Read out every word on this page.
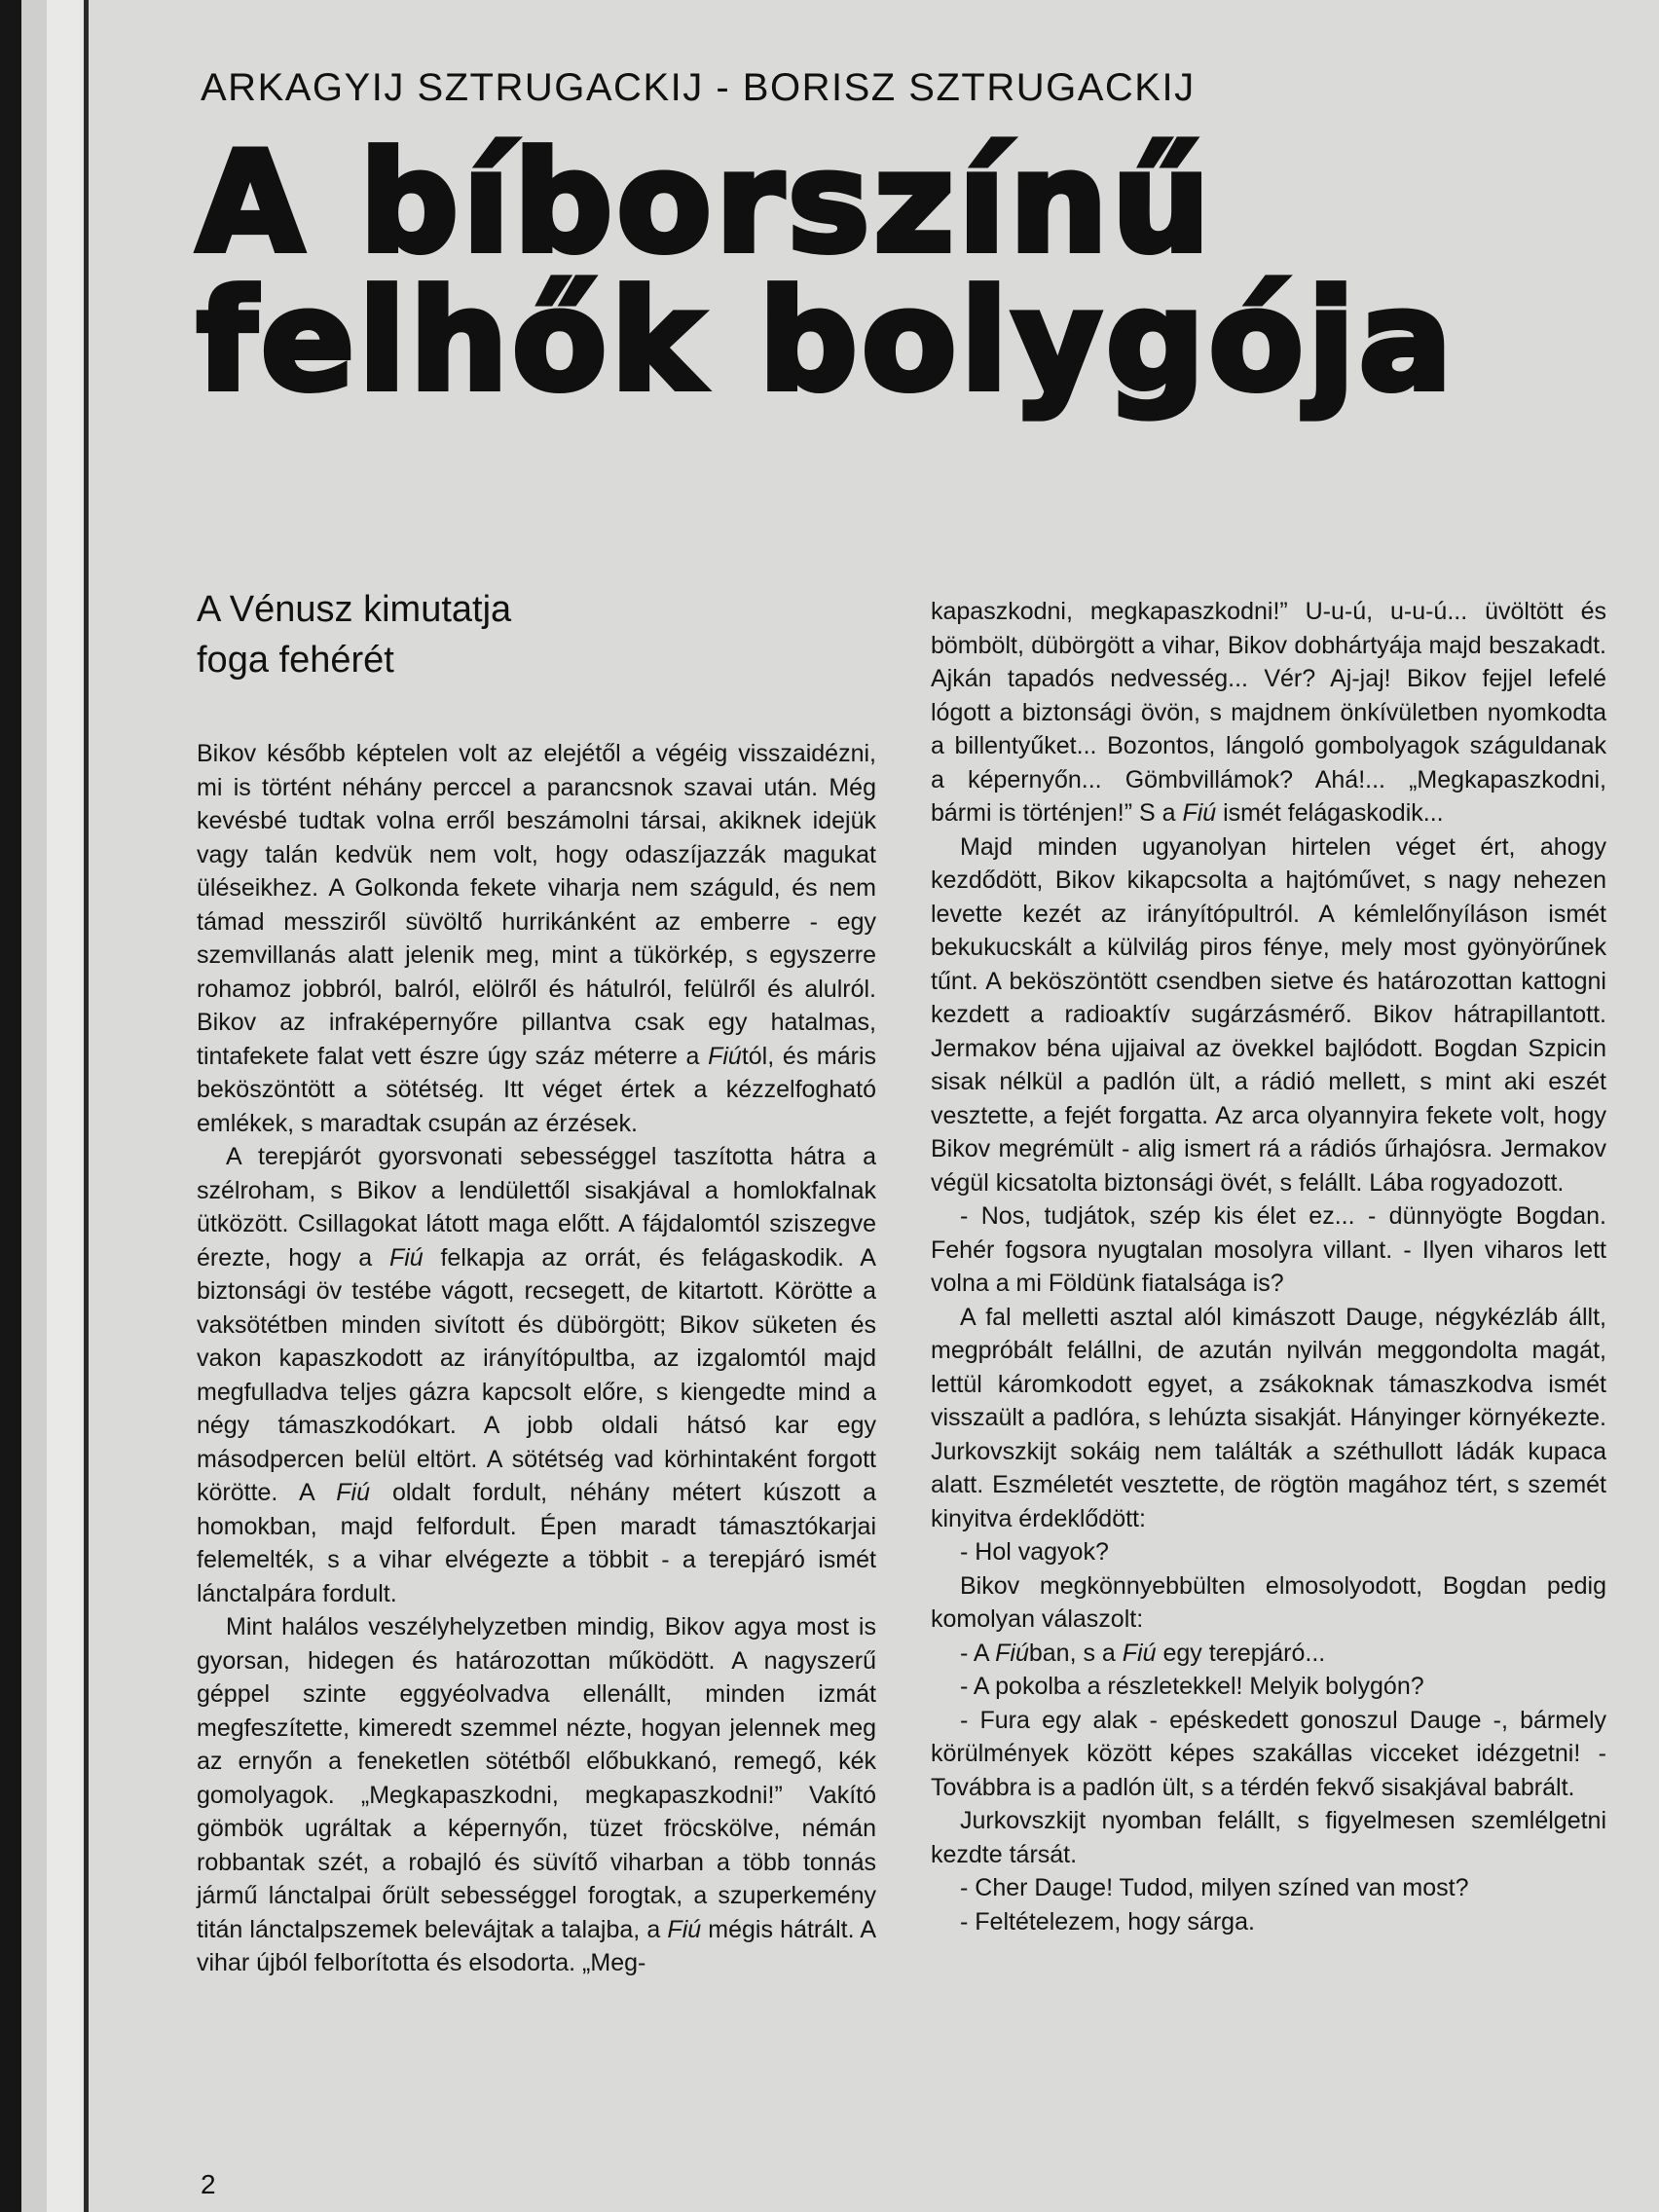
ARKAGYIJ SZTRUGACKIJ - BORISZ SZTRUGACKIJ
A bíborszínű
felhők bolygója
A Vénusz kimutatja
foga fehérét

Bikov később képtelen volt az elejétől a végéig visszaidézni, mi is történt néhány perccel a parancsnok szavai után. Még kevésbé tudtak volna erről beszámolni társai, akiknek idejük vagy talán kedvük nem volt, hogy odaszíjazzák magukat üléseikhez. A Golkonda fekete viharja nem száguld, és nem támad messziről süvöltő hurrikánként az emberre - egy szemvillanás alatt jelenik meg, mint a tükörkép, s egyszerre rohamoz jobbról, balról, elölről és hátulról, felülről és alulról. Bikov az infraképernyőre pillantva csak egy hatalmas, tintafekete falat vett észre úgy száz méterre a Fiútól, és máris beköszöntött a sötétség. Itt véget értek a kézzelfogható emlékek, s maradtak csupán az érzések.

A terepjárót gyorsvonati sebességgel taszította hátra a szélroham, s Bikov a lendülettől sisakjával a homlokfalnak ütközött. Csillagokat látott maga előtt. A fájdalomtól sziszegve érezte, hogy a Fiú felkapja az orrát, és felágaskodik. A biztonsági öv testébe vágott, recsegett, de kitartott. Körötte a vaksötétben minden sivított és dübörgött; Bikov süketen és vakon kapaszkodott az irányítópultba, az izgalomtól majd megfulladva teljes gázra kapcsolt előre, s kiengedte mind a négy támaszkodókart. A jobb oldali hátsó kar egy másodpercen belül eltört. A sötétség vad körhintaként forgott körötte. A Fiú oldalt fordult, néhány métert kúszott a homokban, majd felfordult. Épen maradt támasztókarjai felemelték, s a vihar elvégezte a többit - a terepjáró ismét lánctalpára fordult.

Mint halálos veszélyhelyzetben mindig, Bikov agya most is gyorsan, hidegen és határozottan működött. A nagyszerű géppel szinte eggyéolvadva ellenállt, minden izmát megfeszítette, kimeredt szemmel nézte, hogyan jelennek meg az ernyőn a feneketlen sötétből előbukkanó, remegő, kék gomolyagok. „Megkapaszkodni, megkapaszkodni!” Vakító gömbök ugráltak a képernyőn, tüzet fröcskölve, némán robbantak szét, a robajló és süvítő viharban a több tonnás jármű lánctalpai őrült sebességgel forogtak, a szuperkemény titán lánctalpszemek belevájtak a talajba, a Fiú mégis hátrált. A vihar újból felborította és elsodorta. „Meg-

kapaszkodni, megkapaszkodni!” U-u-ú, u-u-ú... üvöltött és bömbölt, dübörgött a vihar, Bikov dobhártyája majd beszakadt. Ajkán tapadós nedvesség... Vér? Aj-jaj! Bikov fejjel lefelé lógott a biztonsági övön, s majdnem önkívületben nyomkodta a billentyűket... Bozontos, lángoló gombolyagok száguldanak a képernyőn... Gömbvillámok? Ahá!... „Megkapaszkodni, bármi is történjen!” S a Fiú ismét felágaskodik...

Majd minden ugyanolyan hirtelen véget ért, ahogy kezdődött, Bikov kikapcsolta a hajtóművet, s nagy nehezen levette kezét az irányítópultról. A kémlelőnyíláson ismét bekukucskált a külvilág piros fénye, mely most gyönyörűnek tűnt. A beköszöntött csendben sietve és határozottan kattogni kezdett a radioaktív sugárzásmérő. Bikov hátrapillantott. Jermakov béna ujjaival az övekkel bajlódott. Bogdan Szpicin sisak nélkül a padlón ült, a rádió mellett, s mint aki eszét vesztette, a fejét forgatta. Az arca olyannyira fekete volt, hogy Bikov megrémült - alig ismert rá a rádiós űrhajósra. Jermakov végül kicsatolta biztonsági övét, s felállt. Lába rogyadozott.

- Nos, tudjátok, szép kis élet ez... - dünnyögte Bogdan. Fehér fogsora nyugtalan mosolyra villant. - Ilyen viharos lett volna a mi Földünk fiatalsága is?

A fal melletti asztal alól kimászott Dauge, négykézláb állt, megpróbált felállni, de azután nyilván meggondolta magát, lettül káromkodott egyet, a zsákoknak támaszkodva ismét visszaült a padlóra, s lehúzta sisakját. Hányinger környékezte. Jurkovszkijt sokáig nem találták a széthullott ládák kupaca alatt. Eszméletét vesztette, de rögtön magához tért, s szemét kinyitva érdeklődött:

- Hol vagyok?

Bikov megkönnyebbülten elmosolyodott, Bogdan pedig komolyan válaszolt:

- A Fiúban, s a Fiú egy terepjáró...

- A pokolba a részletekkel! Melyik bolygón?

- Fura egy alak - epéskedett gonoszul Dauge -, bármely körülmények között képes szakállas vicceket idézgetni! - Továbbra is a padlón ült, s a térdén fekvő sisakjával babrált.

Jurkovszkijt nyomban felállt, s figyelmesen szemlélgetni kezdte társát.

- Cher Dauge! Tudod, milyen színed van most?

- Feltételezem, hogy sárga.

2
